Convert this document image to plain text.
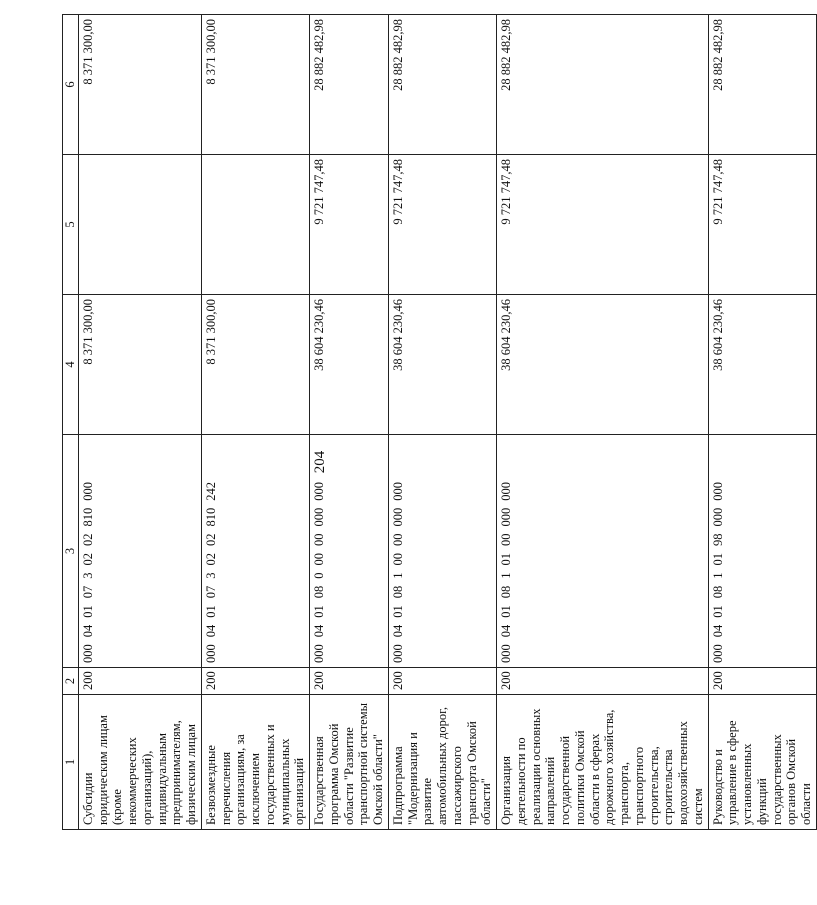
204
1	2	3	4	5	6
Субсидии юридическим лицам (кроме некоммерческих организаций), индивидуальным предпринимателям, физическим лицам	200	00004010730202810000	8 371 300,00		8 371 300,00
Безвозмездные перечисления организациям, за исключением государственных и муниципальных организаций	200	00004010730202810242	8 371 300,00		8 371 300,00
Государственная программа Омской области "Развитие транспортной системы Омской области"	200	00004010800000000000	38 604 230,46	9 721 747,48	28 882 482,98
Подпрограмма "Модернизация и развитие автомобильных дорог, пассажирского транспорта Омской области"	200	00004010810000000000	38 604 230,46	9 721 747,48	28 882 482,98
Организация деятельности по реализации основных направлений государственной политики Омской области в сферах дорожного хозяйства, транспорта, транспортного строительства, строительства водохозяйственных систем	200	00004010810100000000	38 604 230,46	9 721 747,48	28 882 482,98
Руководство и управление в сфере установленных функций государственных органов Омской области	200	00004010810198000000	38 604 230,46	9 721 747,48	28 882 482,98
